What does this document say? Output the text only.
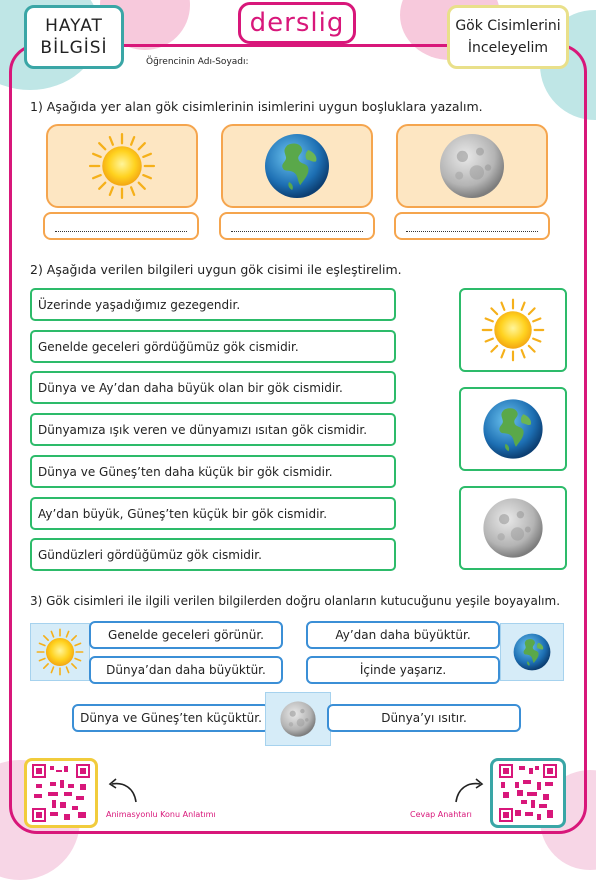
HAYAT
BİLGİSİ
derslig	Gök Cisimlerini
İnceleyelim
Öğrencinin Adı-Soyadı:
1) Aşağıda yer alan gök cisimlerinin isimlerini uygun boşluklara yazalım.
2) Aşağıda verilen bilgileri uygun gök cisimi ile eşleştirelim.
Üzerinde yaşadığımız gezegendir.
Genelde geceleri gördüğümüz gök cismidir.
Dünya ve Ay’dan daha büyük olan bir gök cismidir.
Dünyamıza ışık veren ve dünyamızı ısıtan gök cismidir.
Dünya ve Güneş’ten daha küçük bir gök cismidir.
Ay’dan büyük, Güneş’ten küçük bir gök cismidir.
Gündüzleri gördüğümüz gök cismidir.
3) Gök cisimleri ile ilgili verilen bilgilerden doğru olanların kutucuğunu yeşile boyayalım.
Genelde geceleri görünür.
Dünya’dan daha büyüktür.
Ay’dan daha büyüktür.
İçinde yaşarız.
Dünya ve Güneş’ten küçüktür.	Dünya’yı ısıtır.
Animasyonlu Konu Anlatımı	Cevap Anahtarı
